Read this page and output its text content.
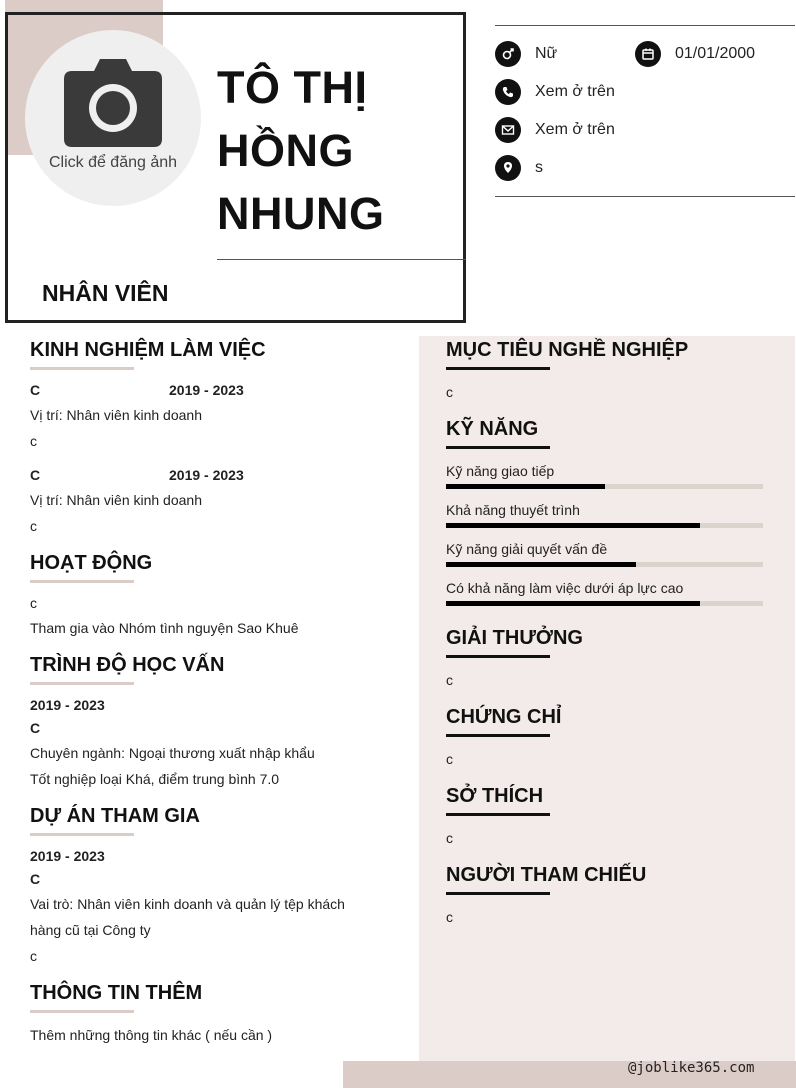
Click để đăng ảnh
TÔ THỊ
HỒNG
NHUNG
NHÂN VIÊN
Nữ	01/01/2000
Xem ở trên
Xem ở trên
s
KINH NGHIỆM LÀM VIỆC
C	2019 - 2023
Vị trí: Nhân viên kinh doanh
c
C	2019 - 2023
Vị trí: Nhân viên kinh doanh
c
HOẠT ĐỘNG
c
Tham gia vào Nhóm tình nguyện Sao Khuê
TRÌNH ĐỘ HỌC VẤN
2019 - 2023
C
Chuyên ngành: Ngoại thương xuất nhập khẩu
Tốt nghiệp loại Khá, điểm trung bình 7.0
DỰ ÁN THAM GIA
2019 - 2023
C
Vai trò: Nhân viên kinh doanh và quản lý tệp khách
hàng cũ tại Công ty
c
THÔNG TIN THÊM
Thêm những thông tin khác ( nếu cần )
MỤC TIÊU NGHỀ NGHIỆP
c
KỸ NĂNG
Kỹ năng giao tiếp
Khả năng thuyết trình
Kỹ năng giải quyết vấn đề
Có khả năng làm việc dưới áp lực cao
GIẢI THƯỞNG
c
CHỨNG CHỈ
c
SỞ THÍCH
c
NGƯỜI THAM CHIẾU
c
@joblike365.com
